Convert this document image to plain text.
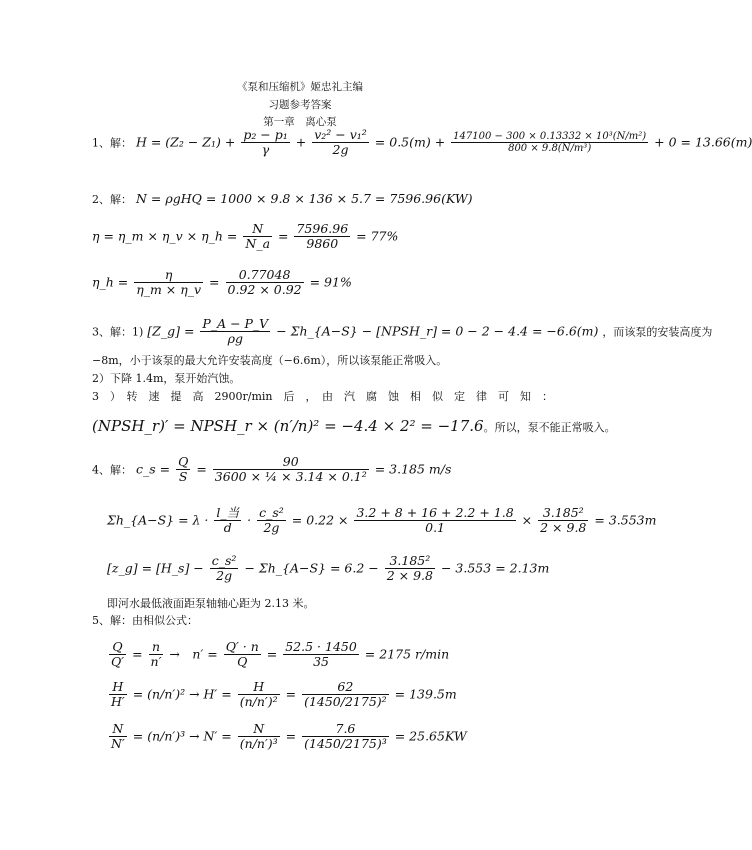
《泵和压缩机》姬忠礼主编
习题参考答案
第一章　离心泵
1、解： $H = (Z_2 - Z_1) + \frac{\text{p₂ − p₁}}{\gamma} + \frac{\text{v₂² − v₁²}}{2g} = 0.5(m) + \frac{\text{147100 − 300 × 0.13332 × 10³(N/m²)}}{\text{800 × 9.8(N/m³)}} + 0 = 13.66(m)$
2、解： N = ρgHQ = 1000 × 9.8 × 136 × 5.7 = 7596.96(KW)
η = η_m × η_v × η_h = $\frac{N}{N\_a} = \frac{7596.96}{9860} = 77\%$
η_h = $\frac{\eta}{\eta\_m \times \eta\_v} = \frac{0.77048}{0.92 \times 0.92} = 91\%$
3、解：1) [Z_g] = $\frac{P\_A - P\_V}{\rho g}$ − Σh_{A−S} − [NPSH_r] = 0 − 2 − 4.4 = −6.6(m) ，而该泵的安装高度为
−8m，小于该泵的最大允许安装高度（−6.6m），所以该泵能正常吸入。
2）下降 1.4m，泵开始汽蚀。
3　）　转　速　提　高　2900r/min　后　，　由　汽　腐　蚀　相　似　定　律　可　知　：
(NPSH_r)′ = NPSH_r × (n′/n)² = −4.4 × 2² = −17.6。所以，泵不能正常吸入。
4、解： c_s = $\frac{Q}{S} = \frac{90}{\text{3600 × ¼ × 3.14 × 0.1²}} = 3.185$ m/s
Σh_{A−S} = $\lambda \cdot \frac{\text{l\_当}}{d} \cdot \frac{\text{c\_s²}}{2g} = 0.22 \times \frac{3.2 + 8 + 16 + 2.2 + 1.8}{0.1} \times \frac{\text{3.185²}}{2 \times 9.8} = 3.553m$
[z_g] = [H_s] − $\frac{\text{c\_s²}}{2g}$ − Σh_{A−S} = $6.2 - \frac{\text{3.185²}}{2 \times 9.8} - 3.553 = 2.13m$
即河水最低液面距泵轴轴心距为 2.13 米。
5、解：由相似公式：
$\frac{Q}{Q'} = \frac{n}{n'}$ →　$n' = \frac{Q' \cdot n}{Q} = \frac{52.5 \cdot 1450}{35} = 2175$ r/min
$\frac{H}{H'} = (n/n')^2 \to H' = \frac{H}{\text{(n/n′)²}} = \frac{62}{\text{(1450/2175)²}} = 139.5m$
$\frac{N}{N'} = (n/n')^3 \to N' = \frac{N}{\text{(n/n′)³}} = \frac{7.6}{\text{(1450/2175)³}} = 25.65KW$
